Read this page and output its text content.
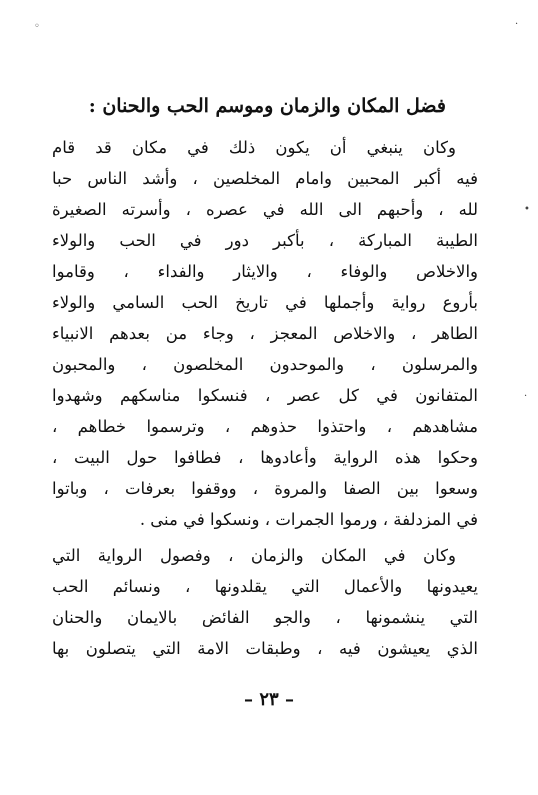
فضل المكان والزمان وموسم الحب والحنان :
وكان ينبغي أن يكون ذلك في مكان قد قام
فيه أكبر المحبين وامام المخلصين ، وأشد الناس حبا
لله ، وأحبهم الى الله في عصره ، وأسرته الصغيرة
الطيبة المباركة ، بأكبر دور في الحب والولاء
والاخلاص والوفاء ، والايثار والفداء ، وقاموا
بأروع رواية وأجملها في تاريخ الحب السامي والولاء
الطاهر ، والاخلاص المعجز ، وجاء من بعدهم الانبياء
والمرسلون ، والموحدون المخلصون ، والمحبون
المتفانون في كل عصر ، فنسكوا مناسكهم وشهدوا
مشاهدهم ، واحتذوا حذوهم ، وترسموا خطاهم ،
وحكوا هذه الرواية وأعادوها ، فطافوا حول البيت ،
وسعوا بين الصفا والمروة ، ووقفوا بعرفات ، وباتوا
في المزدلفة ، ورموا الجمرات ، ونسكوا في منى .
وكان في المكان والزمان ، وفصول الرواية التي
يعيدونها والأعمال التي يقلدونها ، ونسائم الحب
التي ينشمونها ، والجو الفائض بالايمان والحنان
الذي يعيشون فيه ، وطبقات الامة التي يتصلون بها
– ٢٣ –
◦	·
•
·
